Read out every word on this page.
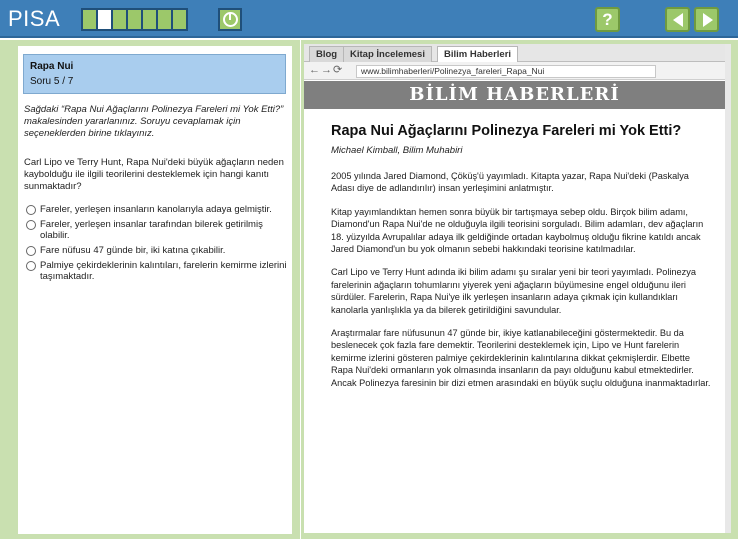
PISA	?
Rapa Nui
Soru 5 / 7
Sağdaki “Rapa Nui Ağaçlarını Polinezya Fareleri mi Yok Etti?” makalesinden yararlanınız. Soruyu cevaplamak için seçeneklerden birine tıklayınız.
Carl Lipo ve Terry Hunt, Rapa Nui'deki büyük ağaçların neden kaybolduğu ile ilgili teorilerini desteklemek için hangi kanıtı sunmaktadır?
Fareler, yerleşen insanların kanolarıyla adaya gelmiştir.
Fareler, yerleşen insanlar tarafından bilerek getirilmiş olabilir.
Fare nüfusu 47 günde bir, iki katına çıkabilir.
Palmiye çekirdeklerinin kalıntıları, farelerin kemirme izlerini taşımaktadır.
Blog	Kitap İncelemesi	Bilim Haberleri
←→⟳	www.bilimhaberleri/Polinezya_fareleri_Rapa_Nui
BİLİM HABERLERİ
Rapa Nui Ağaçlarını Polinezya Fareleri mi Yok Etti?
Michael Kimball, Bilim Muhabiri

2005 yılında Jared Diamond, Çöküş'ü yayımladı. Kitapta yazar, Rapa Nui'deki (Paskalya Adası diye de adlandırılır) insan yerleşimini anlatmıştır.

Kitap yayımlandıktan hemen sonra büyük bir tartışmaya sebep oldu. Birçok bilim adamı, Diamond'un Rapa Nui'de ne olduğuyla ilgili teorisini sorguladı. Bilim adamları, dev ağaçların 18. yüzyılda Avrupalılar adaya ilk geldiğinde ortadan kaybolmuş olduğu fikrine katıldı ancak Jared Diamond'un bu yok olmanın sebebi hakkındaki teorisine katılmadılar.

Carl Lipo ve Terry Hunt adında iki bilim adamı şu sıralar yeni bir teori yayımladı. Polinezya farelerinin ağaçların tohumlarını yiyerek yeni ağaçların büyümesine engel olduğunu ileri sürdüler. Farelerin, Rapa Nui'ye ilk yerleşen insanların adaya çıkmak için kullandıkları kanolarla yanlışlıkla ya da bilerek getirildiğini savundular.

Araştırmalar fare nüfusunun 47 günde bir, ikiye katlanabileceğini göstermektedir. Bu da beslenecek çok fazla fare demektir. Teorilerini desteklemek için, Lipo ve Hunt farelerin kemirme izlerini gösteren palmiye çekirdeklerinin kalıntılarına dikkat çekmişlerdir. Elbette Rapa Nui'deki ormanların yok olmasında insanların da payı olduğunu kabul etmektedirler. Ancak Polinezya faresinin bir dizi etmen arasındaki en büyük suçlu olduğuna inanmaktadırlar.
